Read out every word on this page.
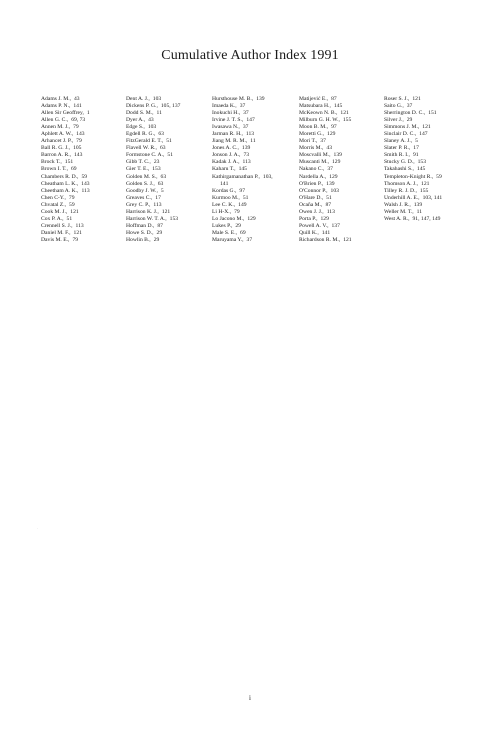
Cumulative Author Index 1991
Adams J. M., 43
Adams P. N., 141
Allen Sir Geoffrey, 1
Allen G. C., 69, 73
Annen M. J., 79
Aphlett A. W., 143
Arhancet J. P., 79
Ball R. G. J., 105
Barron A. R., 143
Brock T., 151
Brown I. T., 69
Chambers R. D., 59
Cheatham L. K., 143
Cheetham A. K., 113
Chen C-Y., 79
Chvatal Z., 59
Cook M. J., 121
Cox P. A., 51
Crennell S. J., 113
Daniel M. F., 121
Davis M. E., 79
Dent A. J., 103
Dickens P. G., 105, 137
Dodd S. M., 11
Dyer A., 43
Edge S., 103
Egdell R. G., 63
FitzGerald E. T., 51
Flavell W. R., 63
Formstone C. A., 51
Gibb T. C., 23
Gier T. E., 153
Golden M. S., 63
Golden S. J., 63
Goodby J. W., 5
Greaves C., 17
Grey C. P., 113
Harrison K. J., 121
Harrison W. T. A., 153
Hoffman D., 87
Howe S. D., 29
Howlin B., 29
Hursthouse M. B., 139
Imaeda K., 37
Inokuchi H., 37
Irvine J. T. S., 147
Iwasawa N., 37
Jarman R. H., 113
Jiang M. R. M., 11
Jones A. C., 139
Jonson J. A., 73
Kadak J. A., 113
Kaharu T., 145
Kathirgamanathan P., 103,
141
Kordas G., 97
Kurmoo M., 51
Lee C. K., 149
Li H-X., 79
Lo Jacono M., 129
Lukes P., 29
Male S. E., 69
Maruyama Y., 37
Matijević E., 87
Matsubara H., 145
McKeown N. B., 121
Milburn G. H. W., 155
Moon B. M., 97
Moretti G., 129
Mori T., 37
Morris M., 43
Moscvalli M., 139
Muscanti M., 129
Nakano C., 37
Nardella A., 129
O'Brien P., 139
O'Connor P., 103
O'Hare D., 51
Ocaña M., 87
Owen J. J., 113
Porta P., 129
Powell A. V., 137
Quill K., 141
Richardson R. M., 121
Roser S. J., 121
Saito G., 37
Sherrington D. C., 151
Silver J., 29
Simmons J. M., 121
Sinclair D. C., 147
Slaney A. J., 5
Slater P. R., 17
Smith R. I., 91
Stucky G. D., 153
Takahashi S., 145
Templeton-Knight R., 59
Thomson A. J., 121
Tilley R. J. D., 155
Underhill A. E., 103, 141
Walsh J. R., 139
Weller M. T., 11
West A. R., 91, 147, 149
·
i
